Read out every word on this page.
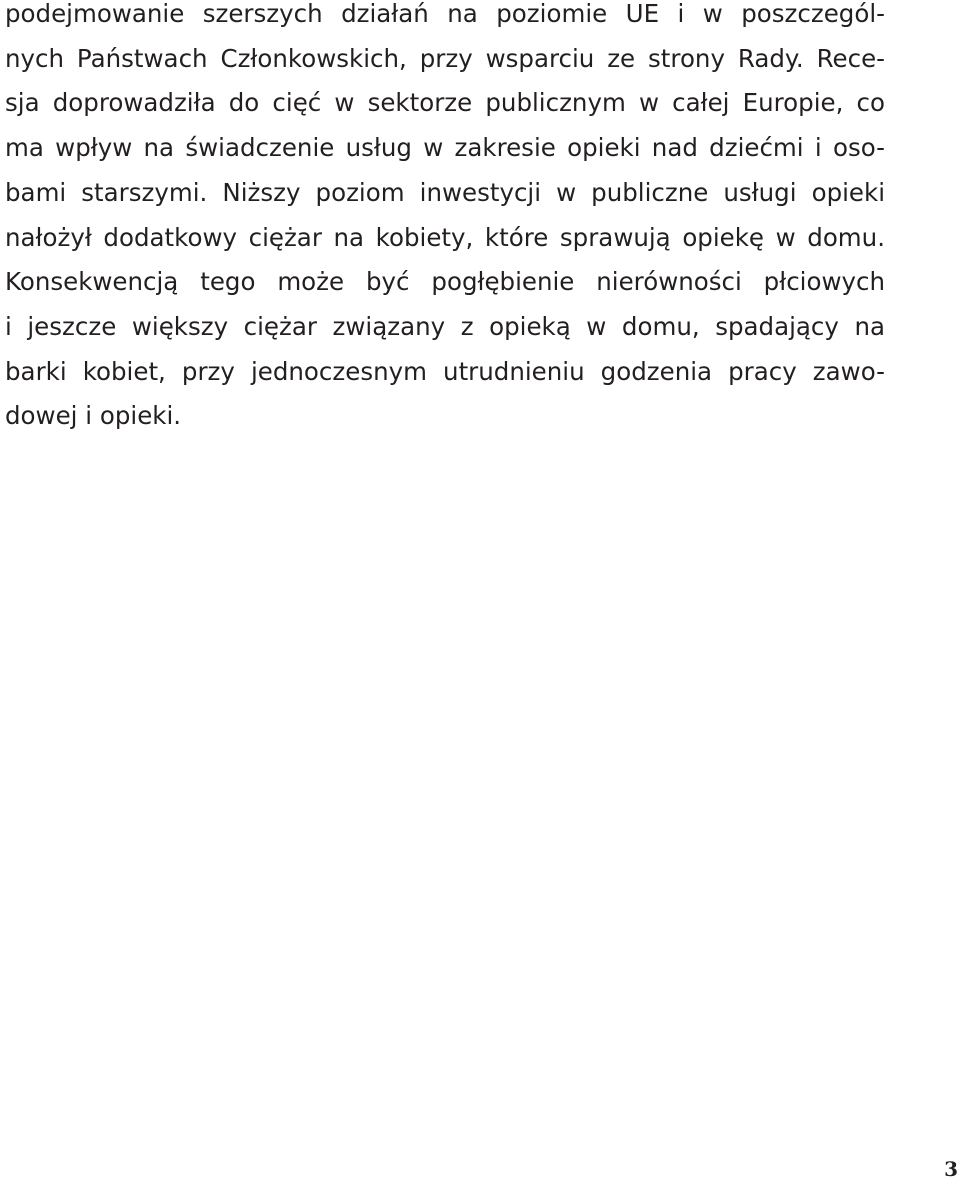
podejmowanie szerszych działań na poziomie UE i w poszczegól-
nych Państwach Członkowskich, przy wsparciu ze strony Rady. Rece-
sja doprowadziła do cięć w sektorze publicznym w całej Europie, co
ma wpływ na świadczenie usług w zakresie opieki nad dziećmi i oso-
bami starszymi. Niższy poziom inwestycji w publiczne usługi opieki
nałożył dodatkowy ciężar na kobiety, które sprawują opiekę w domu.
Konsekwencją tego może być pogłębienie nierówności płciowych
i jeszcze większy ciężar związany z opieką w domu, spadający na
barki kobiet, przy jednoczesnym utrudnieniu godzenia pracy zawo-
dowej i opieki.

3
